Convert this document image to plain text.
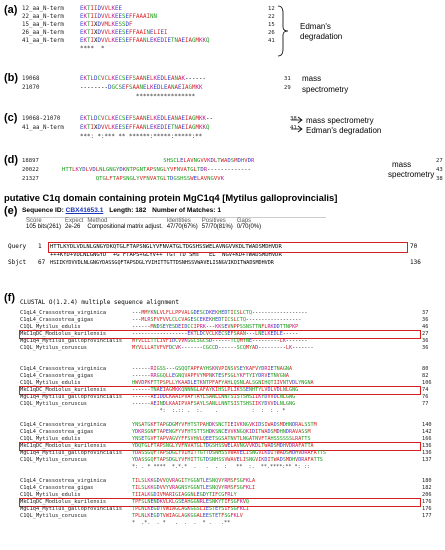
(a) 12_aa_N-term	EKTIIDVVLKEE	12
22_aa_N-term	EKTIIDVVLKEESEFFAAAINN	22
15_aa_N-term	EKTIXDVMLKESSDF	15
26_aa_N-term	EKTIXDVVLKEESEFFAAINELIEI	26
41_aa_N-term	EKTIXDVVLKEESEFFAANLEKEDIETNAEIAGMKKQ	41
****  *
Edman's
degradation
(b) 19068	EKTLDCVCLKECSEFSAANELKEDLEANAK------	31
21070	--------DGCSEFSAANELKEDLEANAEIAGMKK	29
*****************
mass
spectrometry
(c) 19068-21070	EKTLDCVCLKECSEFSAANELKEDLEANAEIAGMKK--	38
41_aa_N-term	EKTIXDVVLKEESEFFAANLEKEDIETNAEIAGMKKQ	41
***: *:*** ** ******:*****:*****:**
mass spectrometry
Edman's degradation
(d) 18897	SHSCLELAVNGVVKDLTWADSMDHVDR	27
20022	HTTLKYDLVDLNLGNGYDKNTPGNTAPSNGLYVFNVATGLTDR-------------	43
21327	QTGLFTAPSNGLYVFNVATGLTDGSHSSWELAVNGVVK	38
mass
spectrometry
putative C1q domain containing protein MgC1q4 [Mytilus galloprovincialis]
(e) Sequence ID: CBX41653.1 Length: 182 Number of Matches: 1
Score	Expect	Method	Identities	Positives	Gaps
105 bits(261)	2e-26	Compositional matrix adjust.	47/70(67%)	57/70(81%)	0/70(0%)
Query 1 HTTLKYDLVDLNLGNGYDKQTGLFTAPSNGLYVFNVATGLTDGSHSSWELAVNGVVKDLTWADSMDHVDR	70
+++KYD+VDLNLGNGYD  +G FTAPS+GLYV++ TGT TD SHs   EL  NGV+KD+TWADSMDHVDR
Sbjct 67 HSIIKYDVVDLNLGNGYDASSGQFTAPSDGLYVIHITTGTTDSNHSSVWAVELISNGVIKDITWADSMDHVDR	136
(f) CLUSTAL O(1.2.4) multiple sequence alignment
C1qL4_Crassostrea_virginica	---MMYKNLVLFLLPPVALGDESCDKEKHEDTICSLCTQ------------------	37
C1qL4_Crassostrea_gigas	---MLRSFVFVVLCLCVAGESCEKEKHEDTICSLCTQ------------------	36
C1QL_Mytilus_edulis	------MNDSEYESDEIDCCIPRK---KKSEVNPPSSNSTTNFLRKDDTTNPKP	46
MkC1qDC_Modiolus_kurilensis	------------------EKTLDCVCLKECSEFSAAN---LNELKEDLE-----	27
MgC1q4_Mytilus_galloprovincialis MYVLLLTTLIVFIDCVVKGGCSGCSD------TCQMYNE---------LK-------	36
C1QL_Mytilus_coruscus	MYVLLLATVFVFDCVK-------CGCCD------SCQMYAD---------LK-------	36

C1qL4_Crassostrea_virginica	------RIGSS---GSQQTAPFAYHSKNVPINSVSEYKAFVYDRIETNAGNA	80
C1qL4_Crassostrea_gigas	------RRGGQLLEGNQVAPFVYMPNKTESFSGLYKFTYIYDRVETNVGNA	82
C1QL_Mytilus_edulis	HWVDPKFTTPSPLLYKAADLETKNTPFAFYAHLQSNLALSGNIHQTIIVNTVDLYNGNA	106
MkC1qDC_Modiolus_kurilensis	------TNAEIAGMKKQNNNGLAFAYKIHSLPLIKSSENHTYLVDLVDLNLGNG	74
MgC1q4_Mytilus_galloprovincialis ------AEIDDLKAAIPVAFTAYLSANLLNNTSISTSHSIIKYDVVDLNLGNG	76
C1QL_Mytilus_coruscus	------AEINDLKAAIPVAFSAYLSANLLNNTSISTSHSIIKYDVVDLNLGNG	77
*:  :.:: .  :.    .           :  :  : . *
C1qL4_Crassostrea_virginica	YNSATGKFTAPGDGMYVFHTSTPAHDKSNCTIEIVKNGVKIDSIWADSMDHNDRALSSTM	140
C1qL4_Crassostrea_gigas	YDKRSGNFTAPENGFYVFHTSTTSHDKSNCEVVKNGQKIDITWADSMDHNDRAVASSM	142
C1QL_Mytilus_edulis	YNSETGVFTAPVAGVYFFSVHVLQEETSGSATNVTLNGATNVFTAHSSSSSSLRATTS	166
MkC1qDC_Modiolus_kurilensis	YDQTGLFTAPSNGLYVFNVATGLTDGSHSSWELAVNGVVKDLTWADSMDHVDRAFATTA	136
MgC1q4_Mytilus_galloprovincialis YDASSGQFTAPSDGLYVIHITTGTTDSNHSSVWAVELISNGVIKDITWADSMDHVDRAFATTS	136
C1QL_Mytilus_coruscus	YDASSGQFTAPSDGLYVFHITTGTDSNHSSVWAVELISNGVIKDITWADSMDHVDRAFATTS	137
*: . * ****  *.*.*  .   .  .  :   **  :.  **.****:** *: ::
C1qL4_Crassostrea_virginica	TILSLKKGDVVQVRAGITYGGNTLESNQVYRMSFSGFKLA	180
C1qL4_Crassostrea_gigas	TILSLKKGDVVYVRAGNSYGGNTLESNQVYRMSFSGFKLI	182
C1QL_Mytilus_edulis	TIIALKGDIVMARIGIAGGNLEGDYTIFCGFRLY	206
MkC1qDC_Modiolus_kurilensis	TPFSLNENDKVLKLGSEAHGGNRLESNKYTIFSGFKVQ	176
MgC1q4_Mytilus_galloprovincialis TPLNLKEGDTVWIAGLAGKGGSLIESTEYSIFSGFKLI	176
C1QL_Mytilus_coruscus	TPLNLKEGDTVWIAGLAGKGGALEESTETFSGFKLV	177
*  .*.  . *   .  .  .  * .   .**
